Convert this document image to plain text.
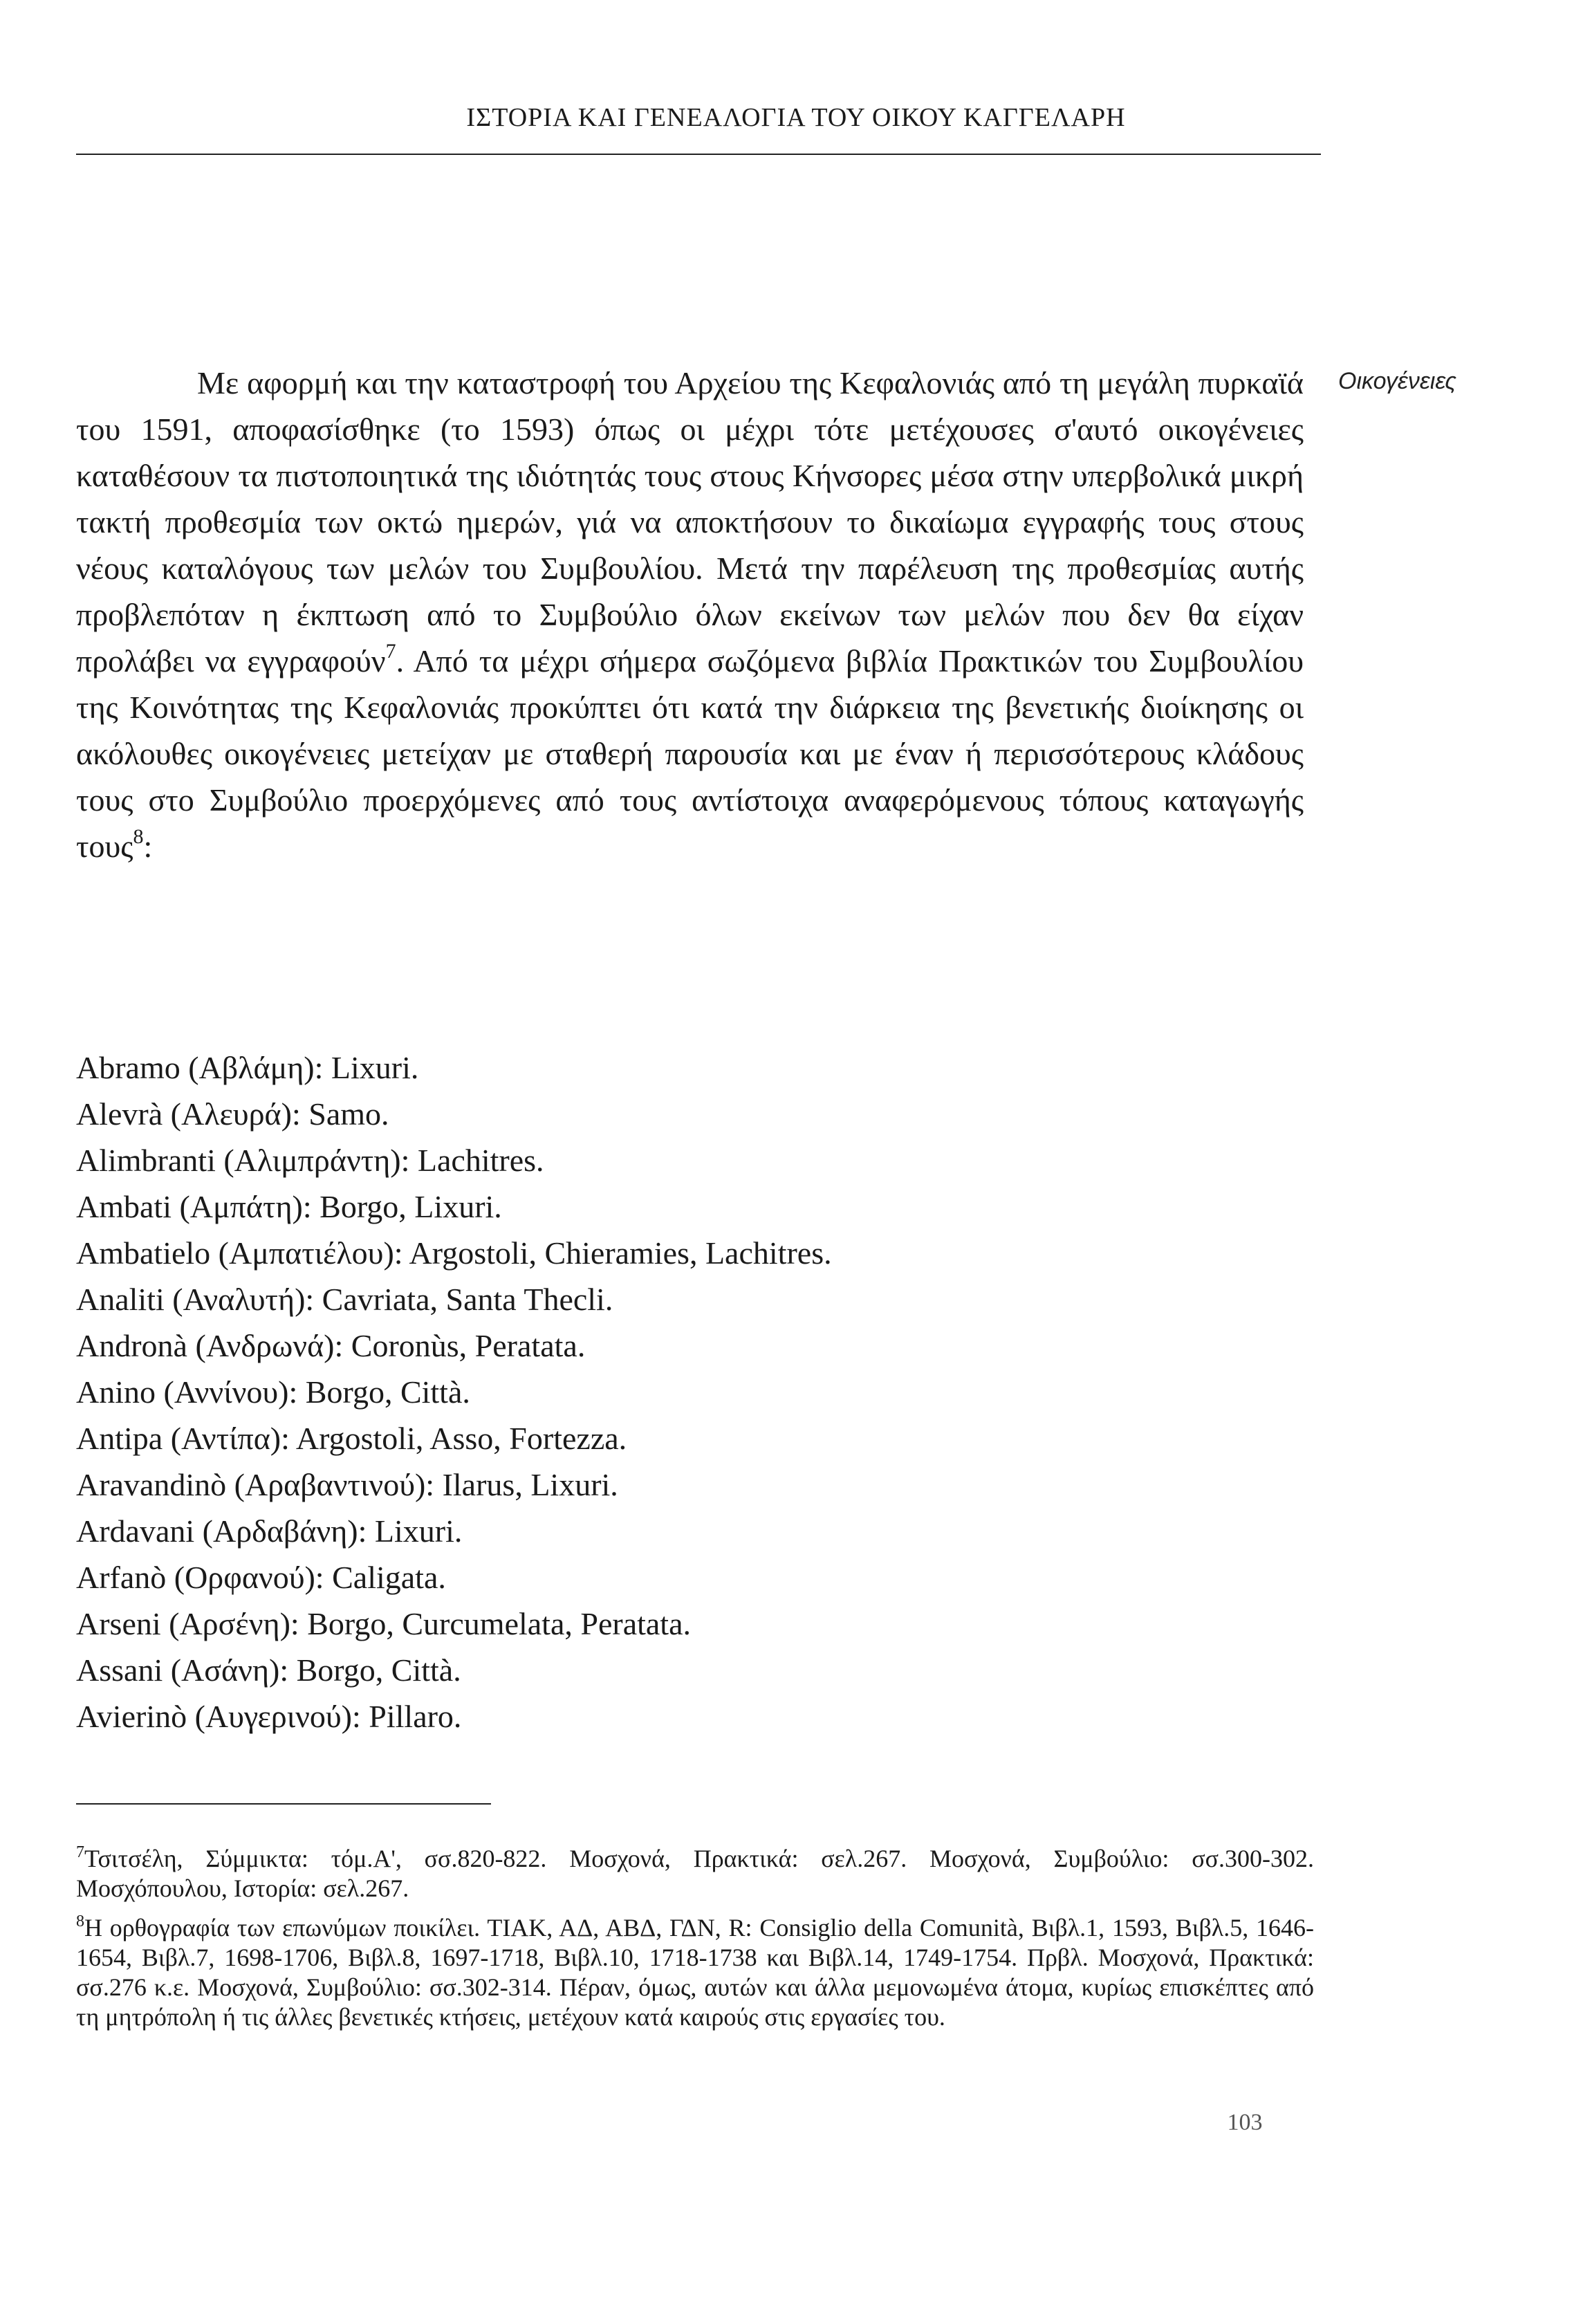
ΙΣΤΟΡΙΑ ΚΑΙ ΓΕΝΕΑΛΟΓΙΑ ΤΟΥ ΟΙΚΟΥ ΚΑΓΓΕΛΑΡΗ
Οικογένειες

Με αφορμή και την καταστροφή του Αρχείου της Κεφαλονιάς από τη μεγάλη πυρκαϊά του 1591, αποφασίσθηκε (το 1593) όπως οι μέχρι τότε μετέχουσες σ'αυτό οικογένειες καταθέσουν τα πιστοποιητικά της ιδιότητάς τους στους Κήνσορες μέσα στην υπερβολικά μικρή τακτή προθεσμία των οκτώ ημερών, γιά να αποκτήσουν το δικαίωμα εγγραφής τους στους νέους καταλόγους των μελών του Συμβουλίου. Μετά την παρέλευση της προθεσμίας αυτής προβλεπόταν η έκπτωση από το Συμβούλιο όλων εκείνων των μελών που δεν θα είχαν προλάβει να εγγραφούν$^7$. Από τα μέχρι σήμερα σωζόμενα βιβλία Πρακτικών του Συμβουλίου της Κοινότητας της Κεφαλονιάς προκύπτει ότι κατά την διάρκεια της βενετικής διοίκησης οι ακόλουθες οικογένειες μετείχαν με σταθερή παρουσία και με έναν ή περισσότερους κλάδους τους στο Συμβούλιο προερχόμενες από τους αντίστοιχα αναφερόμενους τόπους καταγωγής τους$^8$:

Abramo (Αβλάμη): Lixuri.
Alevrà (Αλευρά): Samo.
Alimbranti (Αλιμπράντη): Lachitres.
Ambati (Αμπάτη): Borgo, Lixuri.
Ambatielo (Αμπατιέλου): Argostoli, Chieramies, Lachitres.
Analiti (Αναλυτή): Cavriata, Santa Thecli.
Andronà (Ανδρωνά): Coronùs, Peratata.
Anino (Αννίνου): Borgo, Città.
Antipa (Αντίπα): Argostoli, Asso, Fortezza.
Aravandinò (Αραβαντινού): Ilarus, Lixuri.
Ardavani (Αρδαβάνη): Lixuri.
Arfanò (Ορφανού): Caligata.
Arseni (Αρσένη): Borgo, Curcumelata, Peratata.
Assani (Ασάνη): Borgo, Città.
Avierinò (Αυγερινού): Pillaro.

$^7$Τσιτσέλη, Σύμμικτα: τόμ.Α', σσ.820-822. Μοσχονά, Πρακτικά: σελ.267. Μοσχονά, Συμβούλιο: σσ.300-302. Μοσχόπουλου, Ιστορία: σελ.267.

$^8$Η ορθογραφία των επωνύμων ποικίλει. ΤΙΑΚ, ΑΔ, ΑΒΔ, ΓΔΝ, R: Consiglio della Comunità, Βιβλ.1, 1593, Βιβλ.5, 1646-1654, Βιβλ.7, 1698-1706, Βιβλ.8, 1697-1718, Βιβλ.10, 1718-1738 και Βιβλ.14, 1749-1754. Πρβλ. Μοσχονά, Πρακτικά: σσ.276 κ.ε. Μοσχονά, Συμβούλιο: σσ.302-314. Πέραν, όμως, αυτών και άλλα μεμονωμένα άτομα, κυρίως επισκέπτες από τη μητρόπολη ή τις άλλες βενετικές κτήσεις, μετέχουν κατά καιρούς στις εργασίες του.

103
